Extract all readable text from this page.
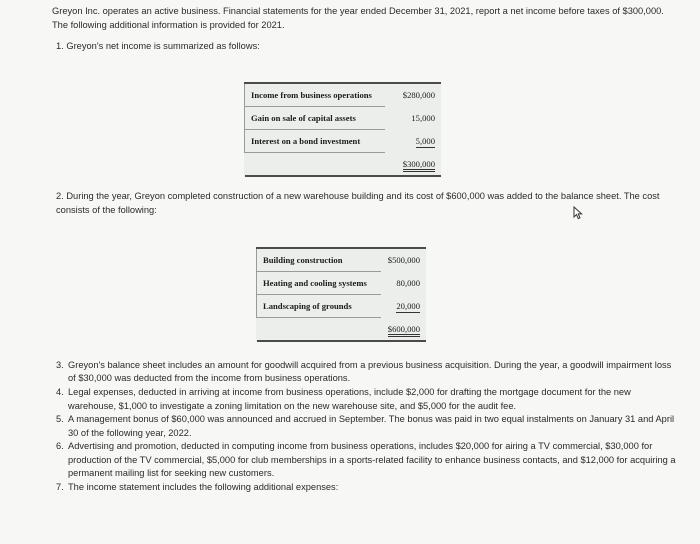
Greyon Inc. operates an active business. Financial statements for the year ended December 31, 2021, report a net income before taxes of $300,000. The following additional information is provided for 2021.

1. Greyon's net income is summarized as follows:

Income from business operations	$280,000
Gain on sale of capital assets	15,000
Interest on a bond investment	5,000
	$300,000

2. During the year, Greyon completed construction of a new warehouse building and its cost of $600,000 was added to the balance sheet. The cost consists of the following:

Building construction	$500,000
Heating and cooling systems	80,000
Landscaping of grounds	20,000
	$600,000
3. Greyon's balance sheet includes an amount for goodwill acquired from a previous business acquisition. During the year, a goodwill impairment loss of $30,000 was deducted from the income from business operations.
4. Legal expenses, deducted in arriving at income from business operations, include $2,000 for drafting the mortgage document for the new warehouse, $1,000 to investigate a zoning limitation on the new warehouse site, and $5,000 for the audit fee.
5. A management bonus of $60,000 was announced and accrued in September. The bonus was paid in two equal instalments on January 31 and April 30 of the following year, 2022.
6. Advertising and promotion, deducted in computing income from business operations, includes $20,000 for airing a TV commercial, $30,000 for production of the TV commercial, $5,000 for club memberships in a sports-related facility to enhance business contacts, and $12,000 for acquiring a permanent mailing list for seeking new customers.
7. The income statement includes the following additional expenses:
